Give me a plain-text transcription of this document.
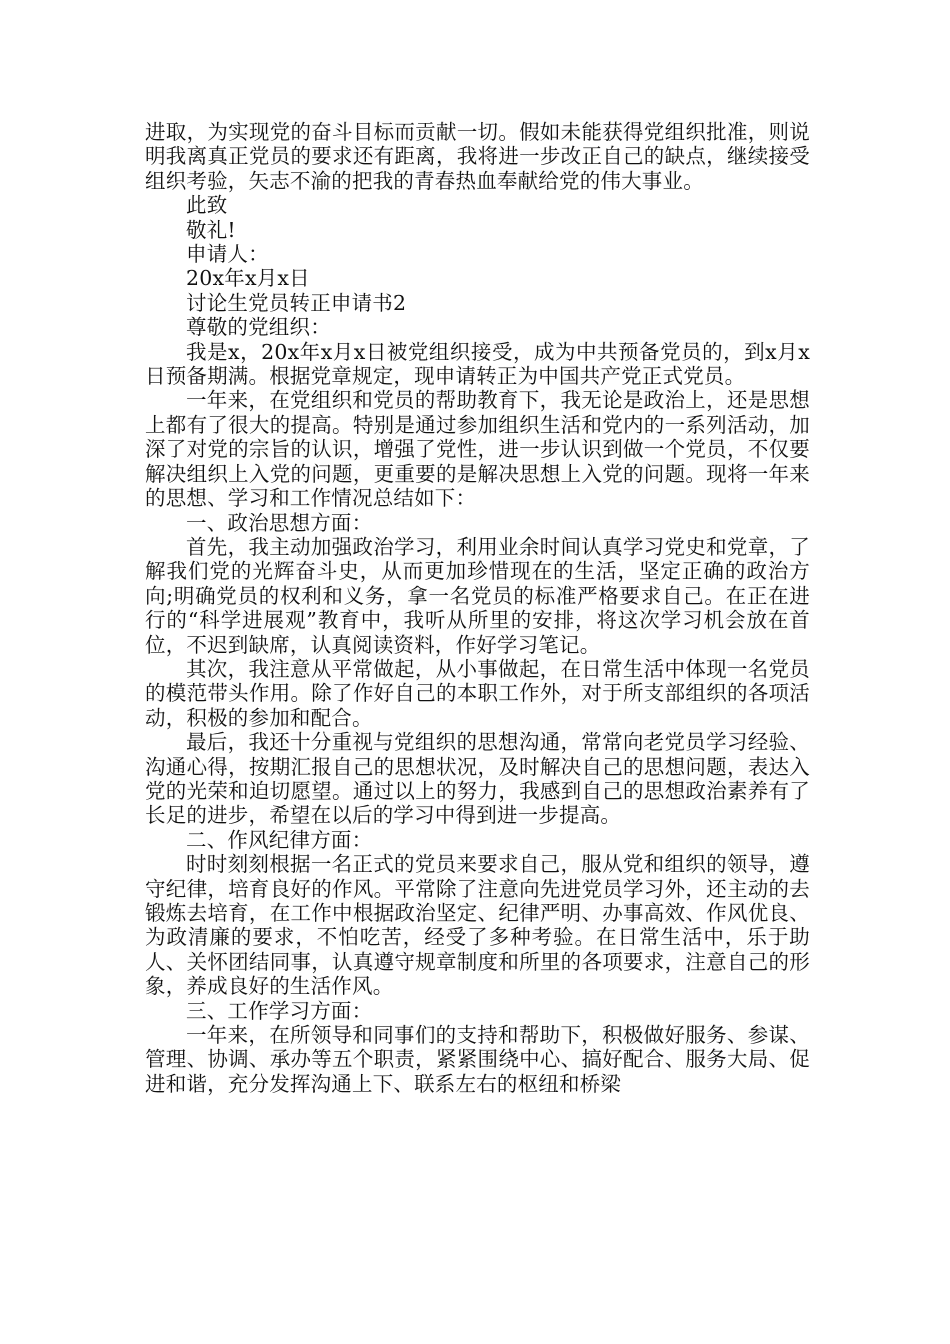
进取，为实现党的奋斗目标而贡献一切。假如未能获得党组织批准，则说明我离真正党员的要求还有距离，我将进一步改正自己的缺点，继续接受组织考验，矢志不渝的把我的青春热血奉献给党的伟大事业。

此致

敬礼!

申请人：

20x年x月x日

讨论生党员转正申请书2

尊敬的党组织：

我是x，20x年x月x日被党组织接受，成为中共预备党员的，到x月x日预备期满。根据党章规定，现申请转正为中国共产党正式党员。

一年来，在党组织和党员的帮助教育下，我无论是政治上，还是思想上都有了很大的提高。特别是通过参加组织生活和党内的一系列活动，加深了对党的宗旨的认识，增强了党性，进一步认识到做一个党员，不仅要解决组织上入党的问题，更重要的是解决思想上入党的问题。现将一年来的思想、学习和工作情况总结如下：

一、政治思想方面：

首先，我主动加强政治学习，利用业余时间认真学习党史和党章，了解我们党的光辉奋斗史，从而更加珍惜现在的生活，坚定正确的政治方向;明确党员的权利和义务，拿一名党员的标准严格要求自己。在正在进行的“科学进展观”教育中，我听从所里的安排，将这次学习机会放在首位，不迟到缺席，认真阅读资料，作好学习笔记。

其次，我注意从平常做起，从小事做起，在日常生活中体现一名党员的模范带头作用。除了作好自己的本职工作外，对于所支部组织的各项活动，积极的参加和配合。

最后，我还十分重视与党组织的思想沟通，常常向老党员学习经验、沟通心得，按期汇报自己的思想状况，及时解决自己的思想问题，表达入党的光荣和迫切愿望。通过以上的努力，我感到自己的思想政治素养有了长足的进步，希望在以后的学习中得到进一步提高。

二、作风纪律方面：

时时刻刻根据一名正式的党员来要求自己，服从党和组织的领导，遵守纪律，培育良好的作风。平常除了注意向先进党员学习外，还主动的去锻炼去培育，在工作中根据政治坚定、纪律严明、办事高效、作风优良、为政清廉的要求，不怕吃苦，经受了多种考验。在日常生活中，乐于助人、关怀团结同事，认真遵守规章制度和所里的各项要求，注意自己的形象，养成良好的生活作风。

三、工作学习方面：

一年来，在所领导和同事们的支持和帮助下，积极做好服务、参谋、管理、协调、承办等五个职责，紧紧围绕中心、搞好配合、服务大局、促进和谐，充分发挥沟通上下、联系左右的枢纽和桥梁
